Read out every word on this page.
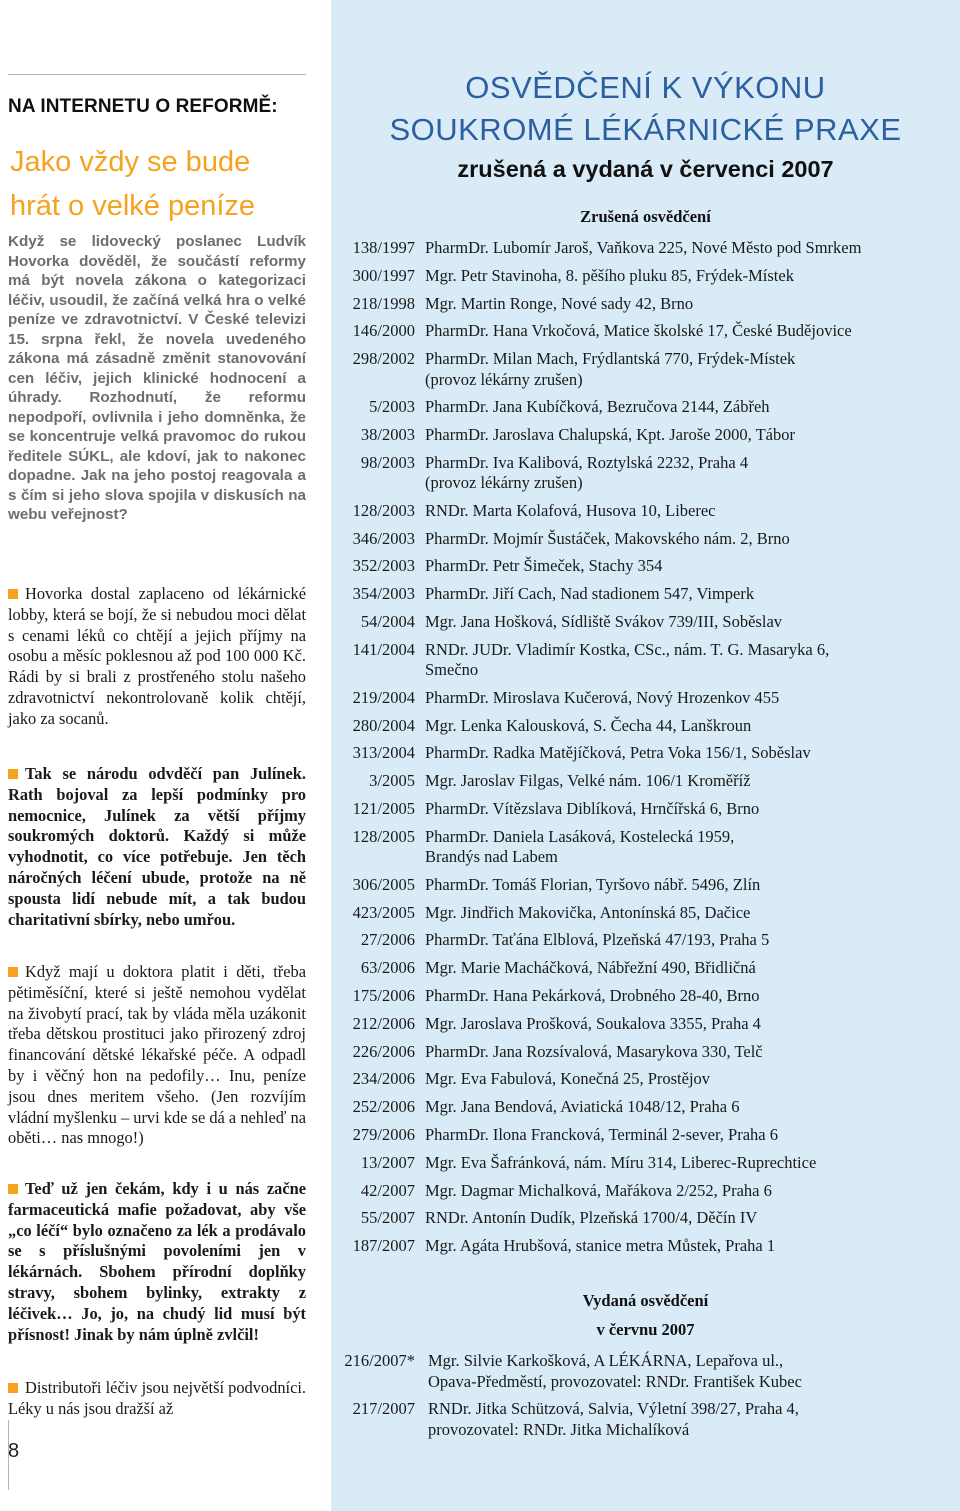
NA INTERNETU O REFORMĚ:
Jako vždy se bude
hrát o velké peníze

Když se lidovecký poslanec Ludvík Hovorka dověděl, že součástí reformy má být novela zákona o kategorizaci léčiv, usoudil, že začíná velká hra o velké peníze ve zdravotnictví. V České televizi 15. srpna řekl, že novela uvedeného zákona má zásadně změnit stanovování cen léčiv, jejich klinické hodnocení a úhrady. Rozhodnutí, že reformu nepodpoří, ovlivnila i jeho domněnka, že se koncentruje velká pravomoc do rukou ředitele SÚKL, ale kdoví, jak to nakonec dopadne. Jak na jeho postoj reagovala a s čím si jeho slova spojila v diskusích na webu veřejnost?

Hovorka dostal zaplaceno od lékárnické lobby, která se bojí, že si nebudou moci dělat s cenami léků co chtějí a jejich příjmy na osobu a měsíc poklesnou až pod 100 000 Kč. Rádi by si brali z prostřeného stolu našeho zdravotnictví nekontrolovaně kolik chtějí, jako za socanů.

Tak se národu odvděčí pan Julínek. Rath bojoval za lepší podmínky pro nemocnice, Julínek za větší příjmy soukromých doktorů. Každý si může vyhodnotit, co více potřebuje. Jen těch náročných léčení ubude, protože na ně spousta lidí nebude mít, a tak budou charitativní sbírky, nebo umřou.

Když mají u doktora platit i děti, třeba pětiměsíční, které si ještě nemohou vydělat na živobytí prací, tak by vláda měla uzákonit třeba dětskou prostituci jako přirozený zdroj financování dětské lékařské péče. A odpadl by i věčný hon na pedofily… Inu, peníze jsou dnes meritem všeho. (Jen rozvíjím vládní myšlenku – urvi kde se dá a nehleď na oběti… nas mnogo!)

Teď už jen čekám, kdy i u nás začne farmaceutická mafie požadovat, aby vše „co léčí“ bylo označeno za lék a prodávalo se s příslušnými povoleními jen v lékárnách. Sbohem přírodní doplňky stravy, sbohem bylinky, extrakty z léčivek… Jo, jo, na chudý lid musí být přísnost! Jinak by nám úplně zvlčil!

Distributoři léčiv jsou největší podvodníci. Léky u nás jsou dražší až

8
OSVĚDČENÍ K VÝKONU
SOUKROMÉ LÉKÁRNICKÉ PRAXE
zrušená a vydaná v červenci 2007
Zrušená osvědčení
138/1997 PharmDr. Lubomír Jaroš, Vaňkova 225, Nové Město pod Smrkem
300/1997 Mgr. Petr Stavinoha, 8. pěšího pluku 85, Frýdek-Místek
218/1998 Mgr. Martin Ronge, Nové sady 42, Brno
146/2000 PharmDr. Hana Vrkočová, Matice školské 17, České Budějovice
298/2002 PharmDr. Milan Mach, Frýdlantská 770, Frýdek-Místek
(provoz lékárny zrušen)
5/2003 PharmDr. Jana Kubíčková, Bezručova 2144, Zábřeh
38/2003 PharmDr. Jaroslava Chalupská, Kpt. Jaroše 2000, Tábor
98/2003 PharmDr. Iva Kalibová, Roztylská 2232, Praha 4
(provoz lékárny zrušen)
128/2003 RNDr. Marta Kolafová, Husova 10, Liberec
346/2003 PharmDr. Mojmír Šustáček, Makovského nám. 2, Brno
352/2003 PharmDr. Petr Šimeček, Stachy 354
354/2003 PharmDr. Jiří Cach, Nad stadionem 547, Vimperk
54/2004 Mgr. Jana Hošková, Sídliště Svákov 739/III, Soběslav
141/2004 RNDr. JUDr. Vladimír Kostka, CSc., nám. T. G. Masaryka 6,
Smečno
219/2004 PharmDr. Miroslava Kučerová, Nový Hrozenkov 455
280/2004 Mgr. Lenka Kalousková, S. Čecha 44, Lanškroun
313/2004 PharmDr. Radka Matějíčková, Petra Voka 156/1, Soběslav
3/2005 Mgr. Jaroslav Filgas, Velké nám. 106/1 Kroměříž
121/2005 PharmDr. Vítězslava Diblíková, Hrnčířská 6, Brno
128/2005 PharmDr. Daniela Lasáková, Kostelecká 1959,
Brandýs nad Labem
306/2005 PharmDr. Tomáš Florian, Tyršovo nábř. 5496, Zlín
423/2005 Mgr. Jindřich Makovička, Antonínská 85, Dačice
27/2006 PharmDr. Taťána Elblová, Plzeňská 47/193, Praha 5
63/2006 Mgr. Marie Macháčková, Nábřežní 490, Břidličná
175/2006 PharmDr. Hana Pekárková, Drobného 28-40, Brno
212/2006 Mgr. Jaroslava Prošková, Soukalova 3355, Praha 4
226/2006 PharmDr. Jana Rozsívalová, Masarykova 330, Telč
234/2006 Mgr. Eva Fabulová, Konečná 25, Prostějov
252/2006 Mgr. Jana Bendová, Aviatická 1048/12, Praha 6
279/2006 PharmDr. Ilona Francková, Terminál 2-sever, Praha 6
13/2007 Mgr. Eva Šafránková, nám. Míru 314, Liberec-Ruprechtice
42/2007 Mgr. Dagmar Michalková, Mařákova 2/252, Praha 6
55/2007 RNDr. Antonín Dudík, Plzeňská 1700/4, Děčín IV
187/2007 Mgr. Agáta Hrubšová, stanice metra Můstek, Praha 1
Vydaná osvědčení
v červnu 2007
216/2007* Mgr. Silvie Karkošková, A LÉKÁRNA, Lepařova ul.,
Opava-Předměstí, provozovatel: RNDr. František Kubec
217/2007 RNDr. Jitka Schützová, Salvia, Výletní 398/27, Praha 4,
provozovatel: RNDr. Jitka Michalíková
